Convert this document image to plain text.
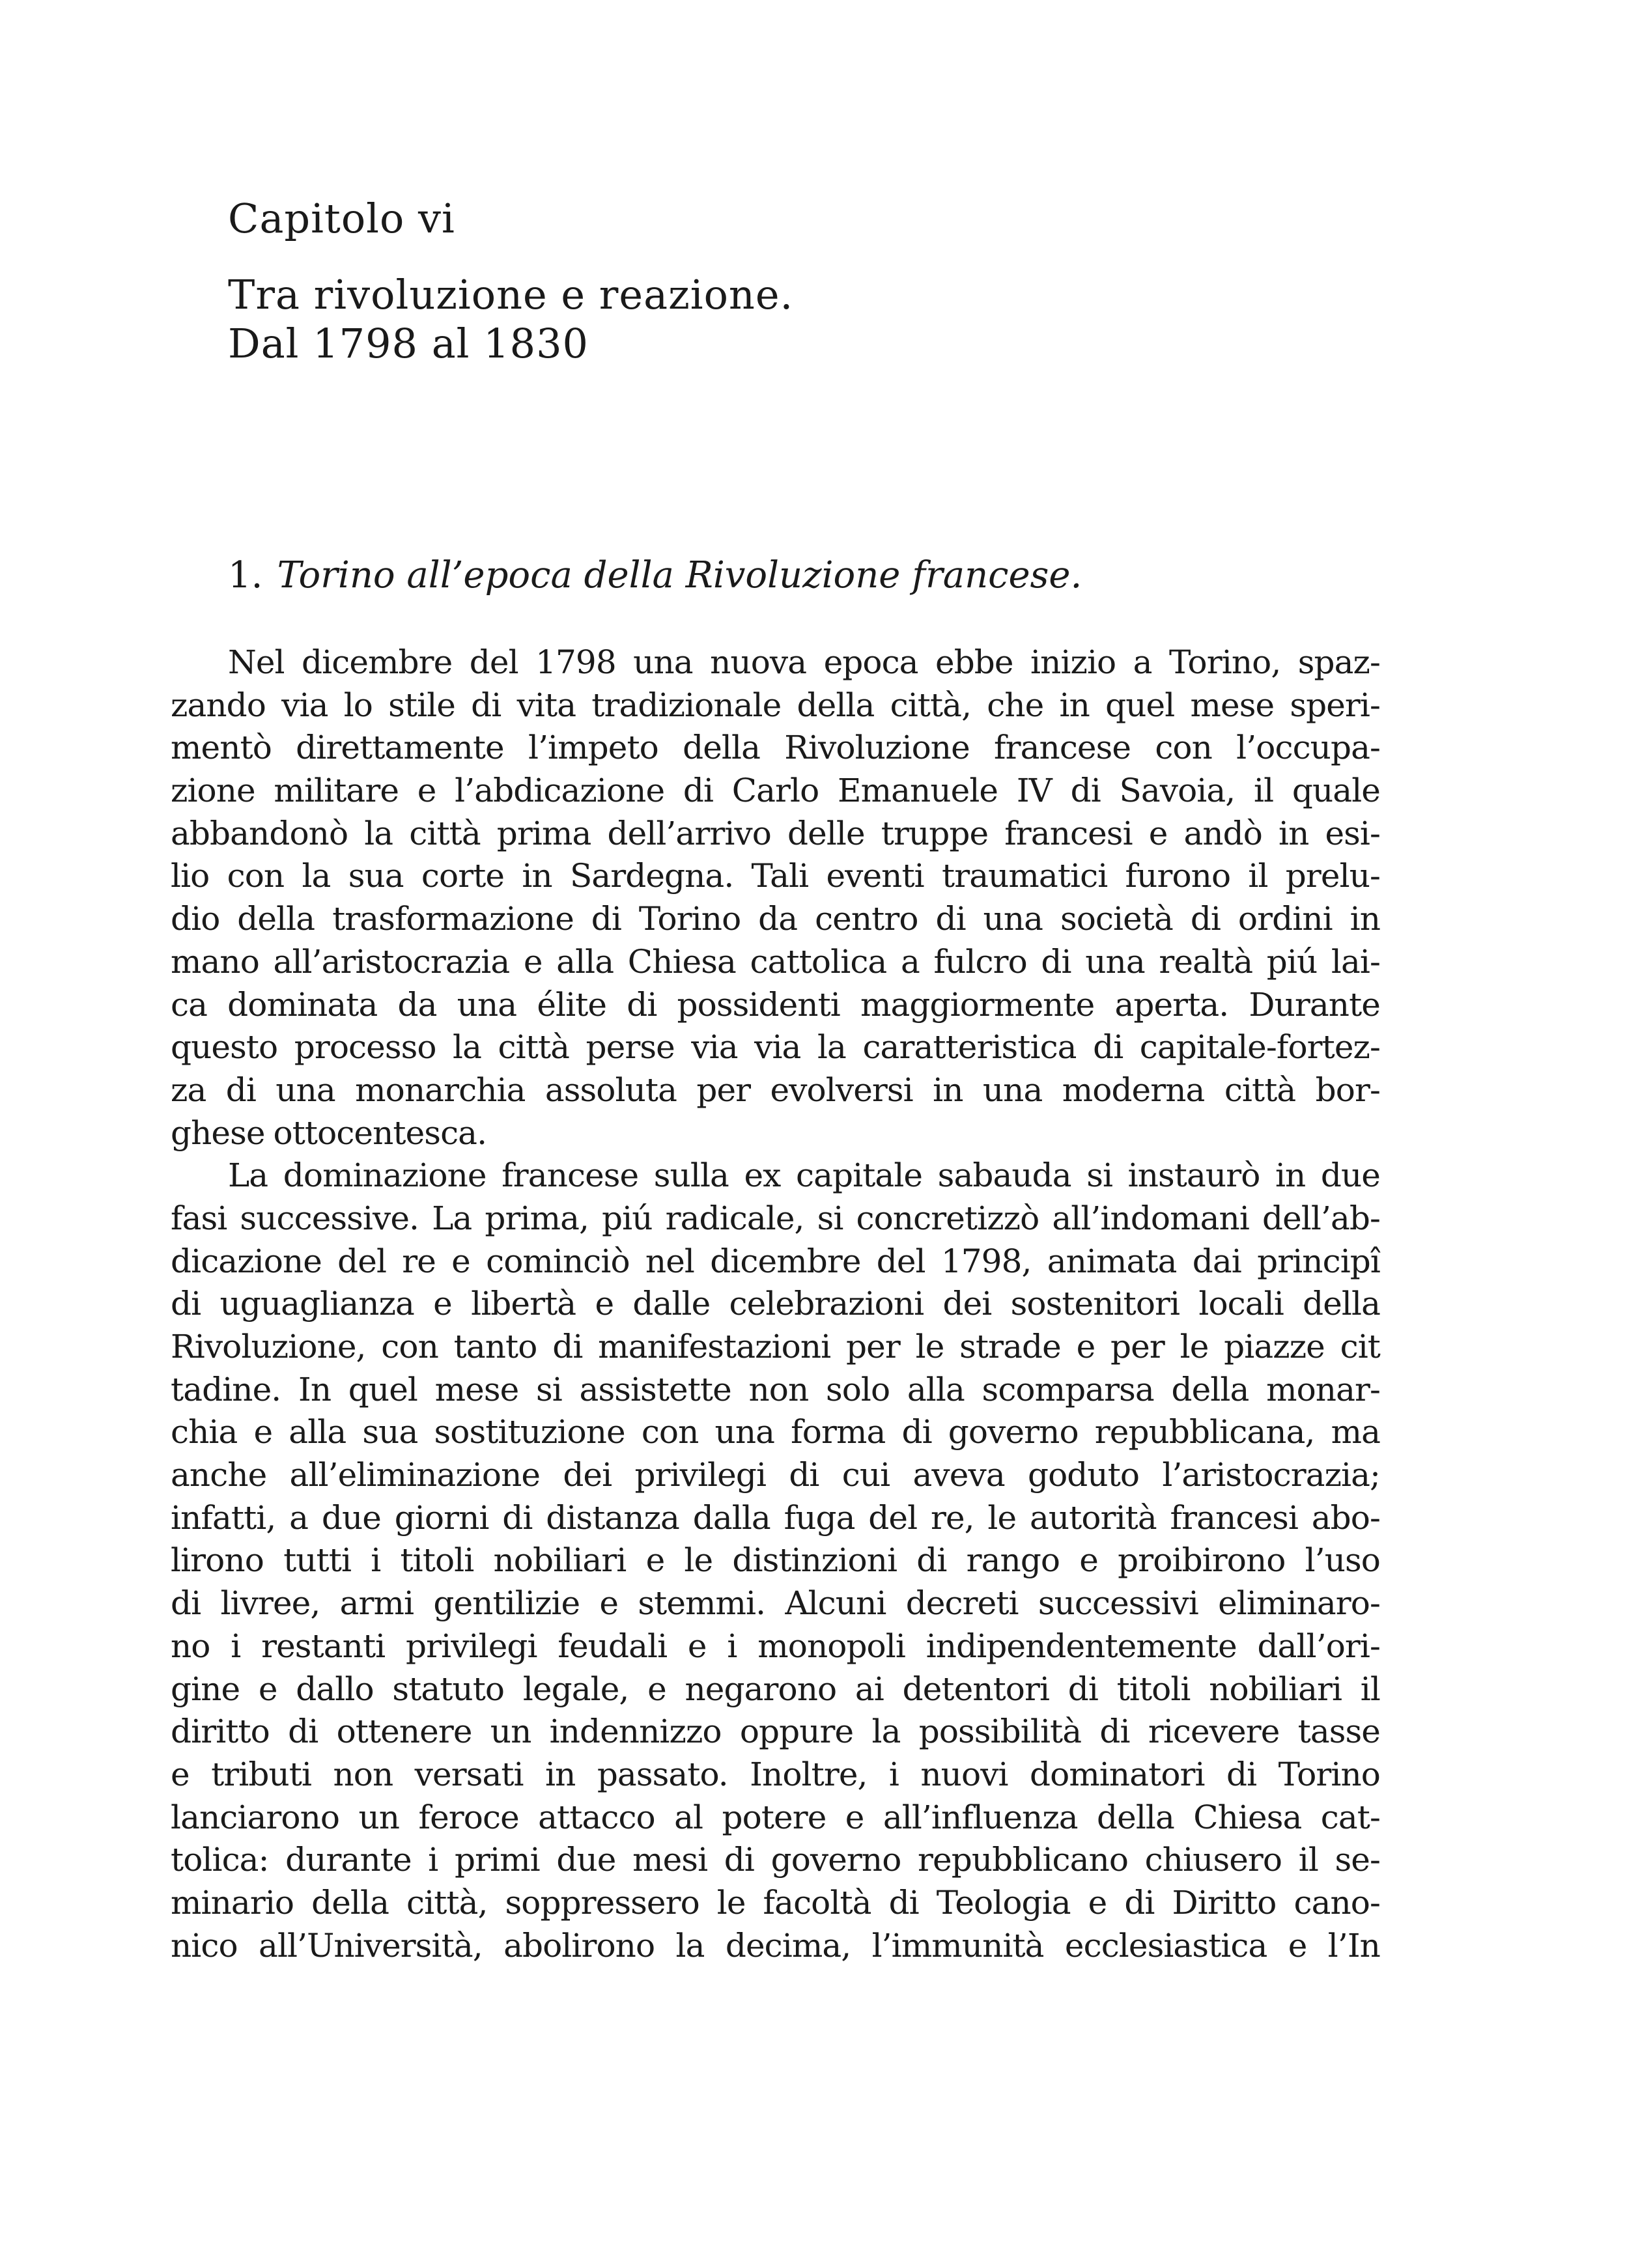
Capitolo vi
Tra rivoluzione e reazione.
Dal 1798 al 1830
1. Torino all’epoca della Rivoluzione francese.
Nel dicembre del 1798 una nuova epoca ebbe inizio a Torino, spaz-
zando via lo stile di vita tradizionale della città, che in quel mese speri-
mentò direttamente l’impeto della Rivoluzione francese con l’occupa-
zione militare e l’abdicazione di Carlo Emanuele IV di Savoia, il quale
abbandonò la città prima dell’arrivo delle truppe francesi e andò in esi-
lio con la sua corte in Sardegna. Tali eventi traumatici furono il prelu-
dio della trasformazione di Torino da centro di una società di ordini in
mano all’aristocrazia e alla Chiesa cattolica a fulcro di una realtà piú lai-
ca dominata da una élite di possidenti maggiormente aperta. Durante
questo processo la città perse via via la caratteristica di capitale-fortez-
za di una monarchia assoluta per evolversi in una moderna città bor-
ghese ottocentesca.
La dominazione francese sulla ex capitale sabauda si instaurò in due
fasi successive. La prima, piú radicale, si concretizzò all’indomani dell’ab-
dicazione del re e cominciò nel dicembre del 1798, animata dai principî
di uguaglianza e libertà e dalle celebrazioni dei sostenitori locali della
Rivoluzione, con tanto di manifestazioni per le strade e per le piazze cit
tadine. In quel mese si assistette non solo alla scomparsa della monar-
chia e alla sua sostituzione con una forma di governo repubblicana, ma
anche all’eliminazione dei privilegi di cui aveva goduto l’aristocrazia;
infatti, a due giorni di distanza dalla fuga del re, le autorità francesi abo-
lirono tutti i titoli nobiliari e le distinzioni di rango e proibirono l’uso
di livree, armi gentilizie e stemmi. Alcuni decreti successivi eliminaro-
no i restanti privilegi feudali e i monopoli indipendentemente dall’ori-
gine e dallo statuto legale, e negarono ai detentori di titoli nobiliari il
diritto di ottenere un indennizzo oppure la possibilità di ricevere tasse
e tributi non versati in passato. Inoltre, i nuovi dominatori di Torino
lanciarono un feroce attacco al potere e all’influenza della Chiesa cat-
tolica: durante i primi due mesi di governo repubblicano chiusero il se-
minario della città, soppressero le facoltà di Teologia e di Diritto cano-
nico all’Università, abolirono la decima, l’immunità ecclesiastica e l’In
